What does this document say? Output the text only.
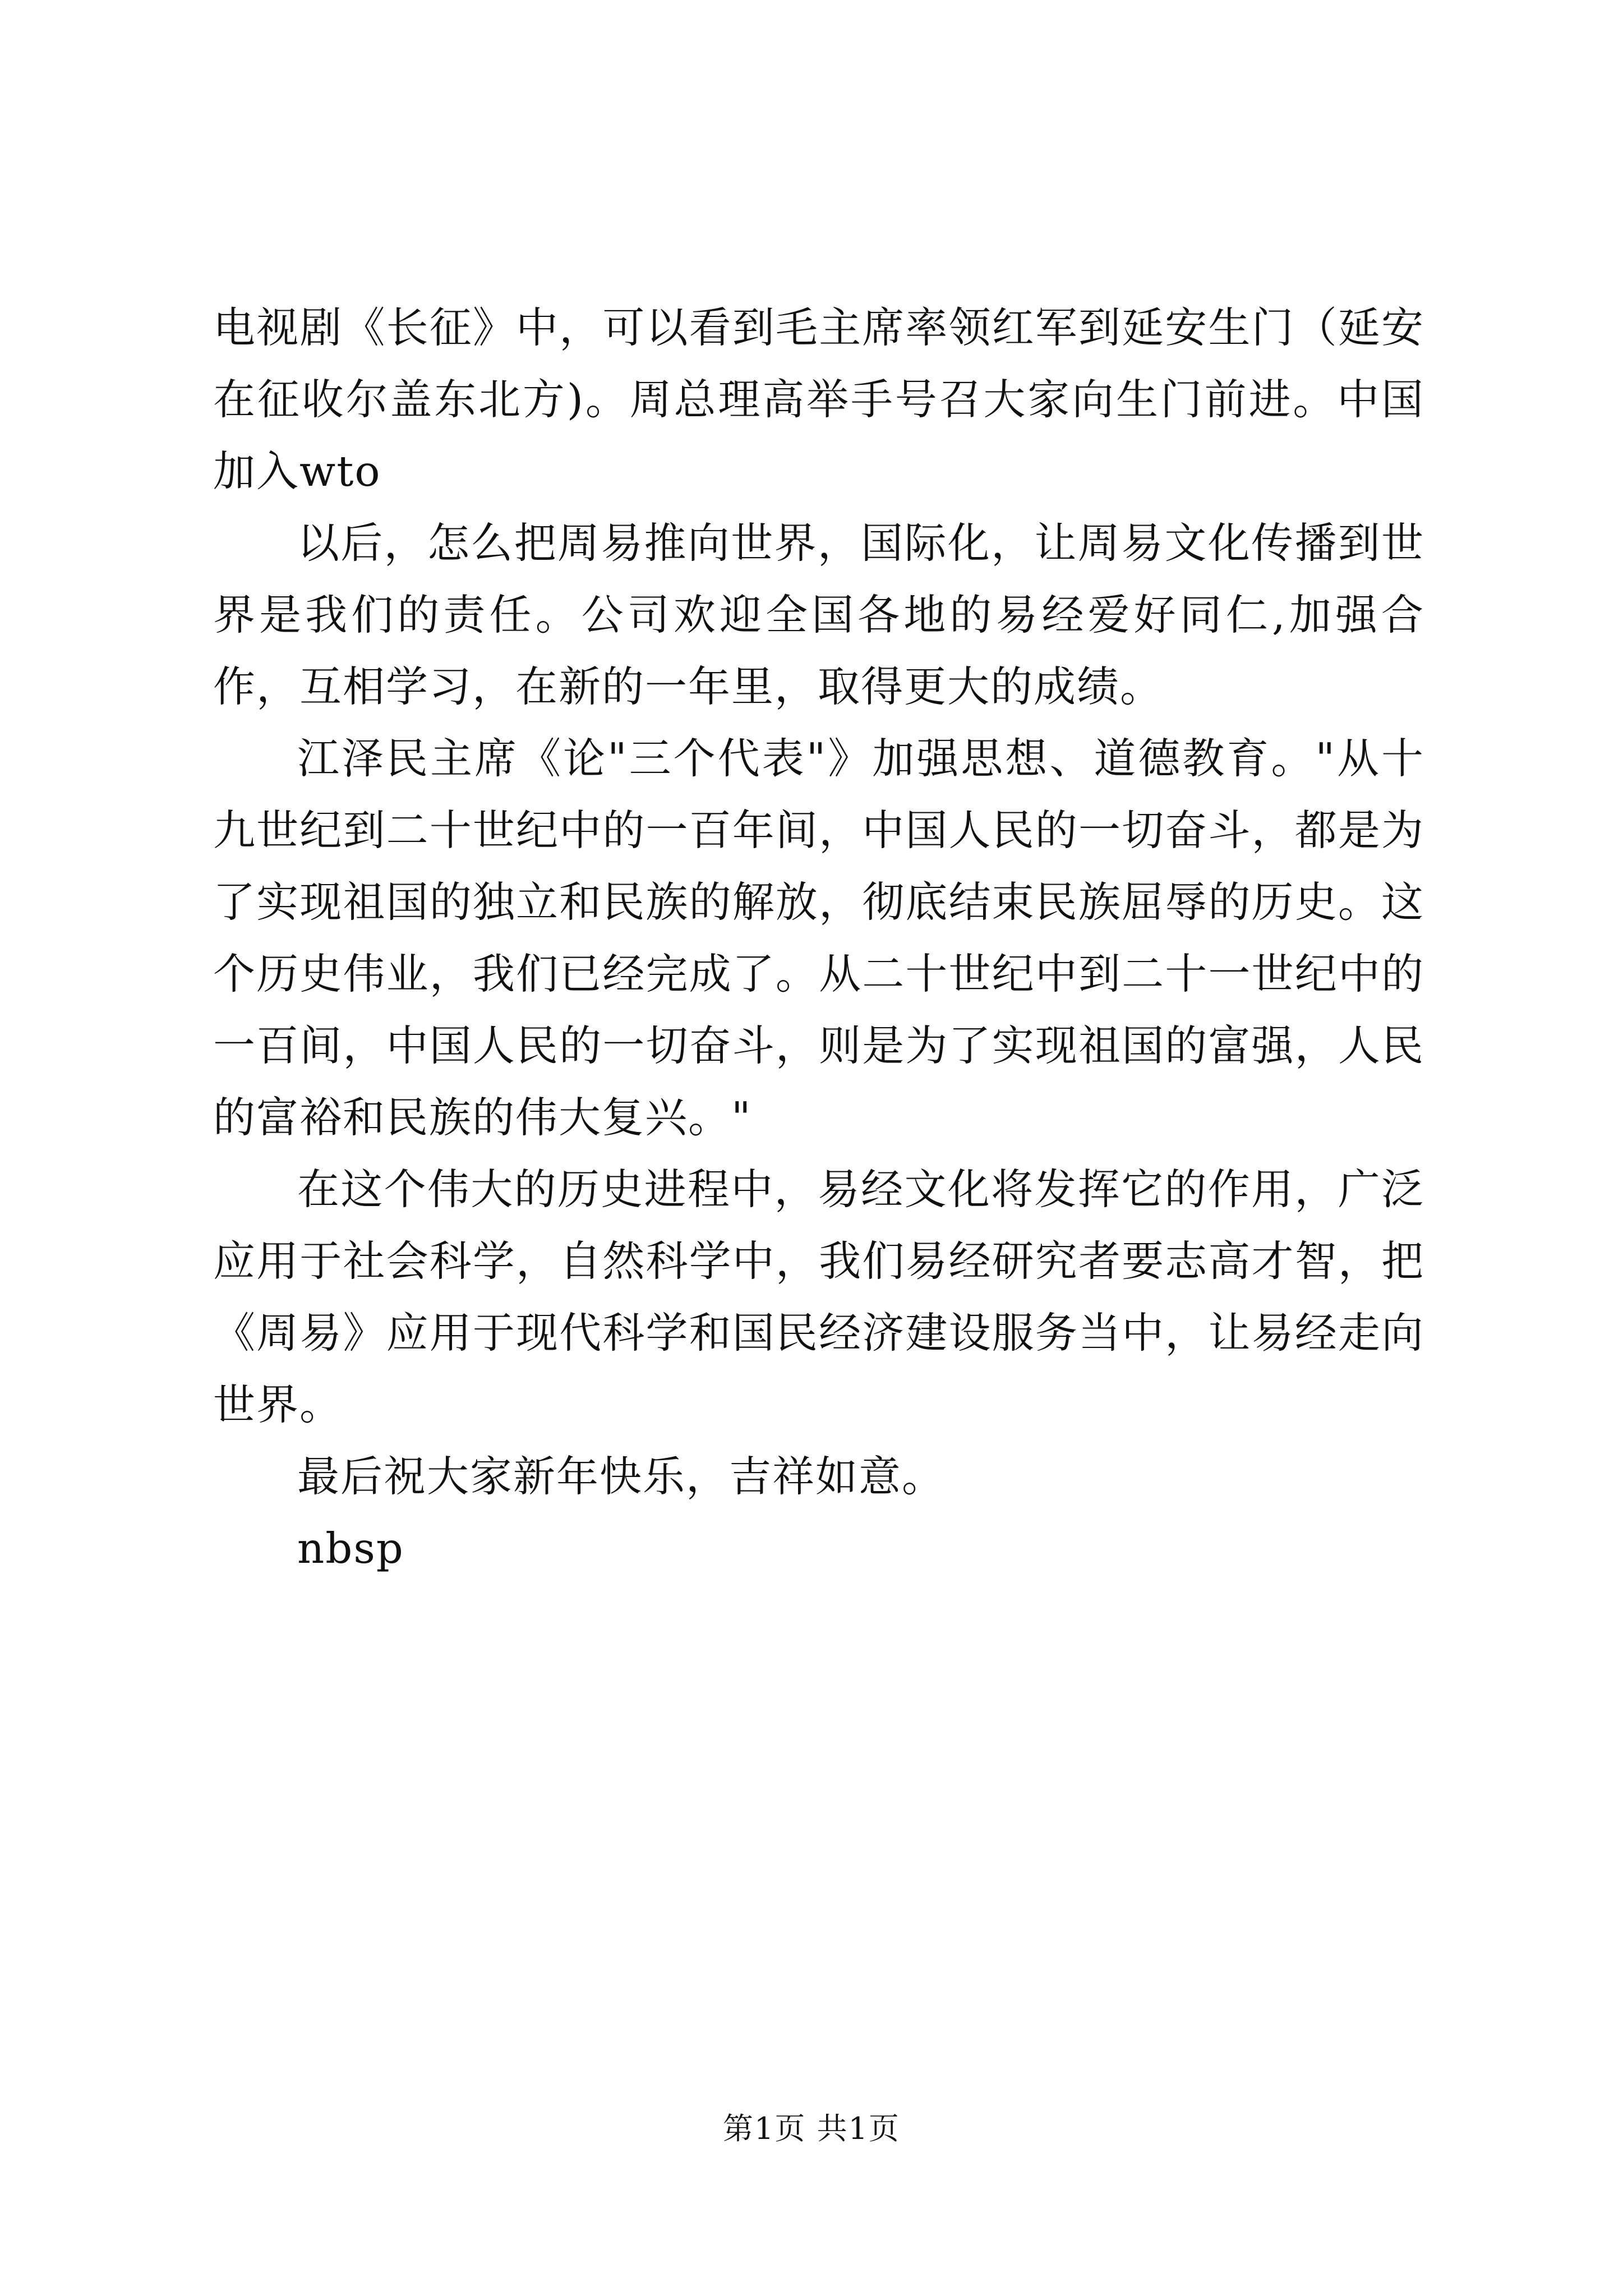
电视剧《长征》中，可以看到毛主席率领红军到延安生门（延安在征收尔盖东北方)。周总理高举手号召大家向生门前进。中国加入wto

以后，怎么把周易推向世界，国际化，让周易文化传播到世界是我们的责任。公司欢迎全国各地的易经爱好同仁,加强合作，互相学习，在新的一年里，取得更大的成绩。

江泽民主席《论"三个代表"》加强思想、道德教育。"从十九世纪到二十世纪中的一百年间，中国人民的一切奋斗，都是为了实现祖国的独立和民族的解放，彻底结束民族屈辱的历史。这个历史伟业，我们已经完成了。从二十世纪中到二十一世纪中的一百间，中国人民的一切奋斗，则是为了实现祖国的富强，人民的富裕和民族的伟大复兴。"

在这个伟大的历史进程中，易经文化将发挥它的作用，广泛应用于社会科学，自然科学中，我们易经研究者要志高才智，把《周易》应用于现代科学和国民经济建设服务当中，让易经走向世界。

最后祝大家新年快乐，吉祥如意。

nbsp

第1页 共1页
